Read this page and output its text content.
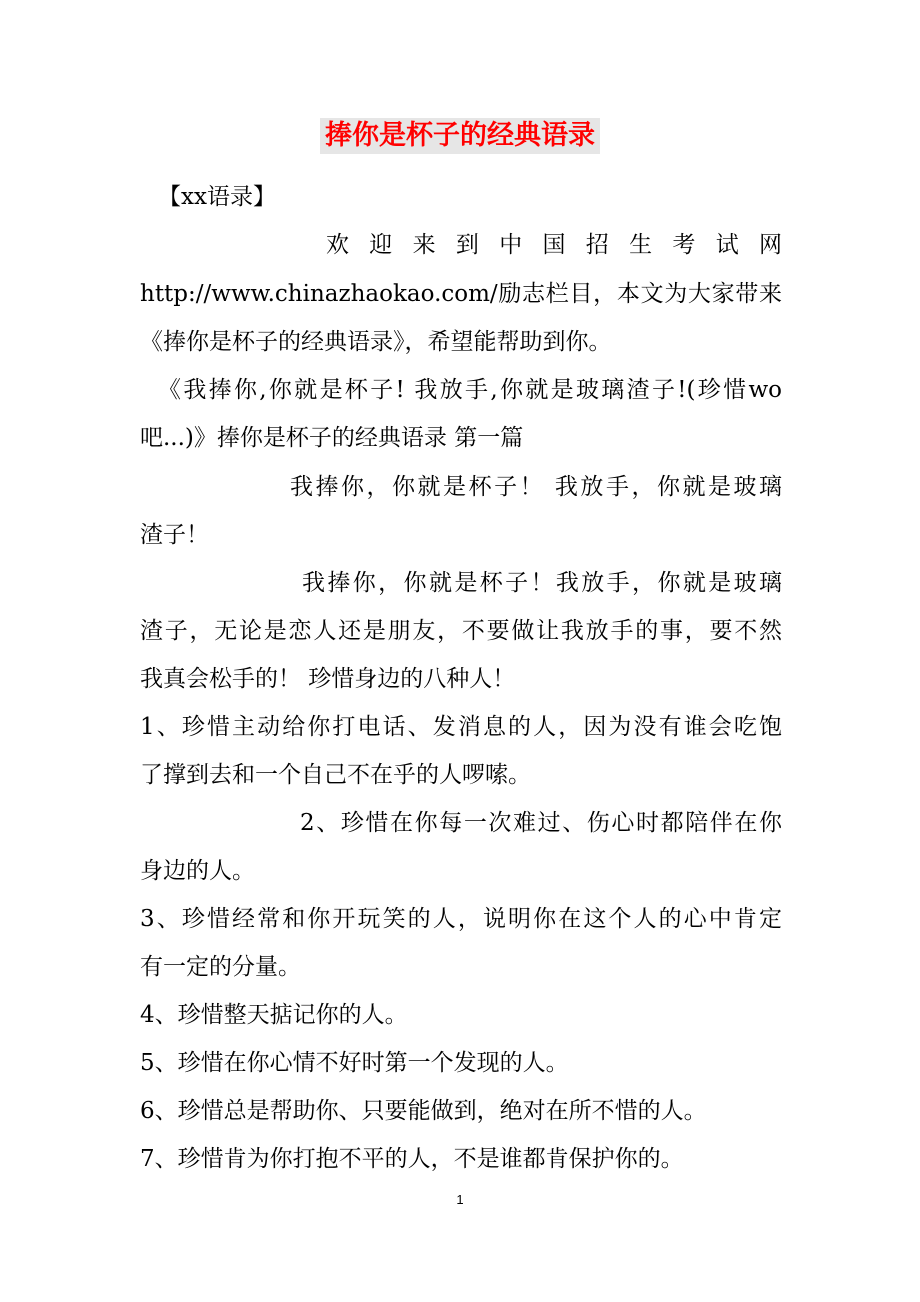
捧你是杯子的经典语录
【xx语录】
欢迎来到中国招生考试网
http://www.chinazhaokao.com/励志栏目，本文为大家带来
《捧你是杯子的经典语录》，希望能帮助到你。
《我捧你,你就是杯子! 我放手,你就是玻璃渣子!(珍惜wo
吧...)》捧你是杯子的经典语录 第一篇
我捧你，你就是杯子！ 我放手，你就是玻璃
渣子！
我捧你，你就是杯子！我放手，你就是玻璃
渣子，无论是恋人还是朋友，不要做让我放手的事，要不然
我真会松手的！ 珍惜身边的八种人！
1、珍惜主动给你打电话、发消息的人，因为没有谁会吃饱
了撑到去和一个自己不在乎的人啰嗦。
2、珍惜在你每一次难过、伤心时都陪伴在你
身边的人。
3、珍惜经常和你开玩笑的人，说明你在这个人的心中肯定
有一定的分量。
4、珍惜整天掂记你的人。
5、珍惜在你心情不好时第一个发现的人。
6、珍惜总是帮助你、只要能做到，绝对在所不惜的人。
7、珍惜肯为你打抱不平的人，不是谁都肯保护你的。
1
